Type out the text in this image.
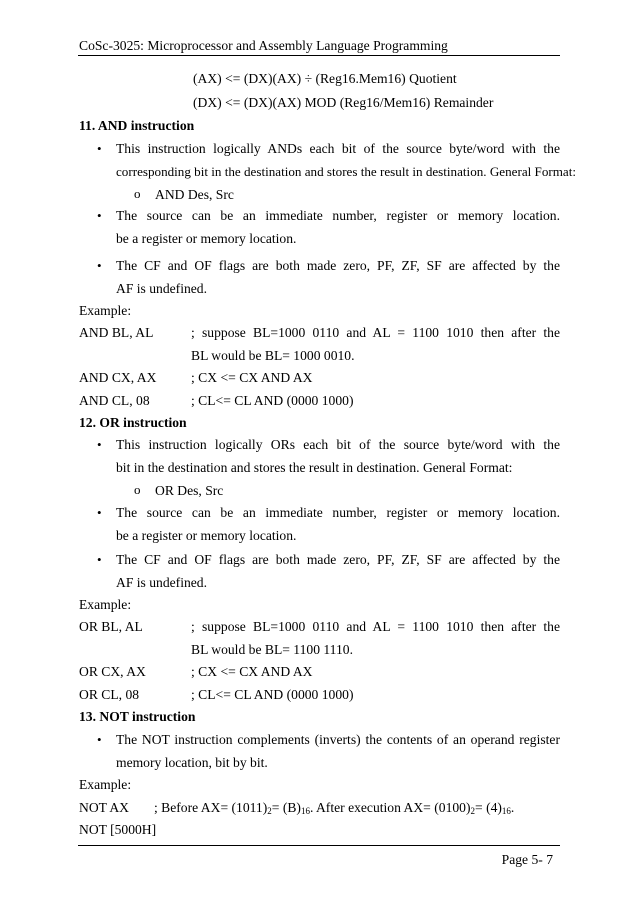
CoSc-3025: Microprocessor and Assembly Language Programming
(AX) <= (DX)(AX) ÷ (Reg16.Mem16) Quotient
(DX) <= (DX)(AX) MOD (Reg16/Mem16) Remainder
11. AND instruction
• This instruction logically ANDs each bit of the source byte/word with the
corresponding bit in the destination and stores the result in destination. General Format:
o AND Des, Src
• The source can be an immediate number, register or memory location.
be a register or memory location.
• The CF and OF flags are both made zero, PF, ZF, SF are affected by the
AF is undefined.
Example:
AND BL, AL	; suppose BL=1000 0110 and AL = 1100 1010 then after the
BL would be BL= 1000 0010.
AND CX, AX	; CX <= CX AND AX
AND CL, 08	; CL<= CL AND (0000 1000)
12. OR instruction
• This instruction logically ORs each bit of the source byte/word with the
bit in the destination and stores the result in destination. General Format:
o OR Des, Src
• The source can be an immediate number, register or memory location.
be a register or memory location.
• The CF and OF flags are both made zero, PF, ZF, SF are affected by the
AF is undefined.
Example:
OR BL, AL	; suppose BL=1000 0110 and AL = 1100 1010 then after the
BL would be BL= 1100 1110.
OR CX, AX	; CX <= CX AND AX
OR CL, 08	; CL<= CL AND (0000 1000)
13. NOT instruction
• The NOT instruction complements (inverts) the contents of an operand register
memory location, bit by bit.
Example:
NOT AX ; Before $AX= (1011)_2= (B)_{16}$. After execution $AX= (0100)_2= (4)_{16}$.
NOT [5000H]
Page 5- 7
